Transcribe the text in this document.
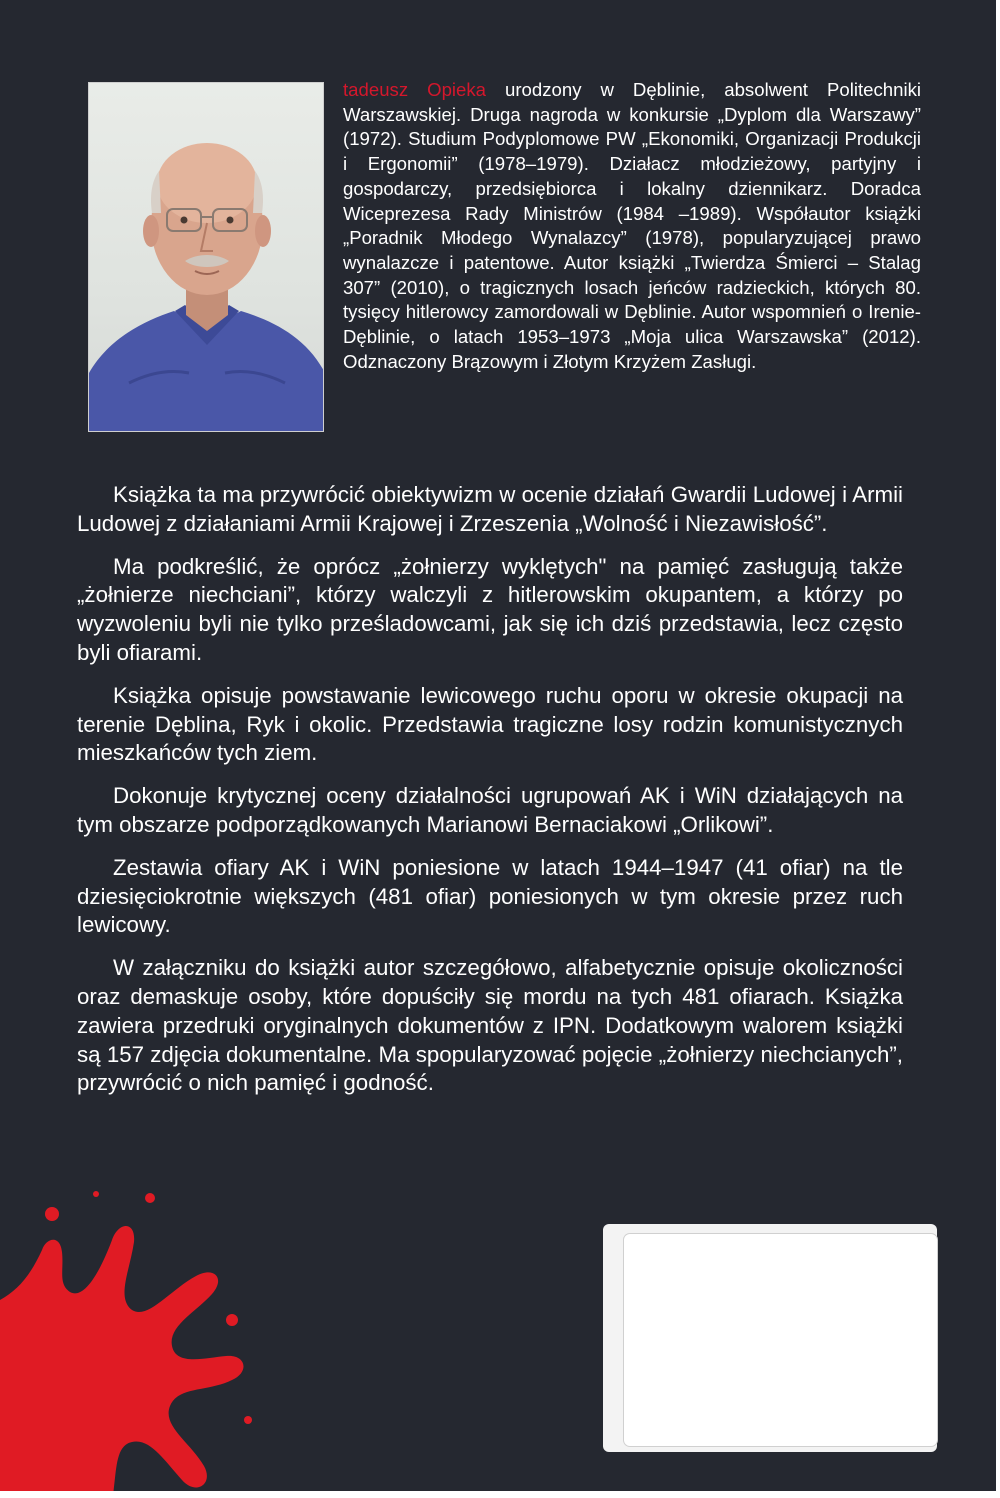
tadeusz Opieka urodzony w Dęblinie, absolwent Politechniki Warszawskiej. Druga nagroda w konkursie „Dyplom dla Warszawy” (1972). Studium Podyplomowe PW „Ekonomiki, Organizacji Produkcji i Ergonomii” (1978–1979). Działacz młodzieżowy, partyjny i gospodarczy, przedsiębiorca i lokalny dziennikarz. Doradca Wiceprezesa Rady Ministrów (1984 –1989). Współautor książki „Poradnik Młodego Wynalazcy” (1978), popularyzującej prawo wynalazcze i patentowe. Autor książki „Twierdza Śmierci – Stalag 307” (2010), o tragicznych losach jeńców radzieckich, których 80. tysięcy hitlerowcy zamordowali w Dęblinie. Autor wspomnień o Irenie-Dęblinie, o latach 1953–1973 „Moja ulica Warszawska” (2012). Odznaczony Brązowym i Złotym Krzyżem Zasługi.

Książka ta ma przywrócić obiektywizm w ocenie działań Gwardii Ludowej i Armii Ludowej z działaniami Armii Krajowej i Zrzeszenia „Wolność i Niezawisłość”.

Ma podkreślić, że oprócz „żołnierzy wyklętych" na pamięć zasługują także „żołnierze niechciani”, którzy walczyli z hitlerowskim okupantem, a którzy po wyzwoleniu byli nie tylko prześladowcami, jak się ich dziś przedstawia, lecz często byli ofiarami.

Książka opisuje powstawanie lewicowego ruchu oporu w okresie okupacji na terenie Dęblina, Ryk i okolic. Przedstawia tragiczne losy rodzin komunistycznych mieszkańców tych ziem.

Dokonuje krytycznej oceny działalności ugrupowań AK i WiN działających na tym obszarze podporządkowanych Marianowi Bernaciakowi „Orlikowi”.

Zestawia ofiary AK i WiN poniesione w latach 1944–1947 (41 ofiar) na tle dziesięciokrotnie większych (481 ofiar) poniesionych w tym okresie przez ruch lewicowy.

W załączniku do książki autor szczegółowo, alfabetycznie opisuje okoliczności oraz demaskuje osoby, które dopuściły się mordu na tych 481 ofiarach. Książka zawiera przedruki oryginalnych dokumentów z IPN. Dodatkowym walorem książki są 157 zdjęcia dokumentalne. Ma spopularyzować pojęcie „żołnierzy niechcianych”, przywrócić o nich pamięć i godność.
